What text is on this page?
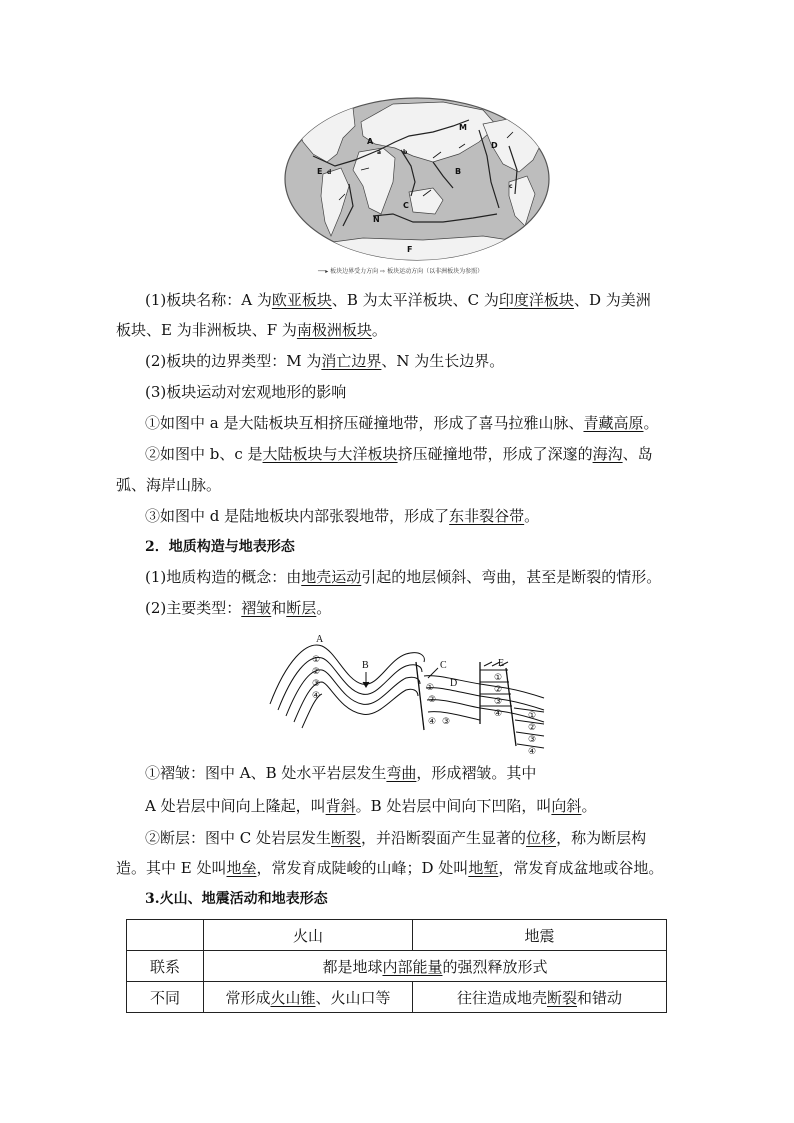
A
a	b
B
C
c
D
M
E d
N
F
──▸ 板块边界受力方向 ⇨ 板块运动方向（以非洲板块为参照）
(1)板块名称：A 为欧亚板块、B 为太平洋板块、C 为印度洋板块、D 为美洲
板块、E 为非洲板块、F 为南极洲板块。
(2)板块的边界类型：M 为消亡边界、N 为生长边界。
(3)板块运动对宏观地形的影响
①如图中 a 是大陆板块互相挤压碰撞地带，形成了喜马拉雅山脉、青藏高原。
②如图中 b、c 是大陆板块与大洋板块挤压碰撞地带，形成了深邃的海沟、岛
弧、海岸山脉。
③如图中 d 是陆地板块内部张裂地带，形成了东非裂谷带。
2．地质构造与地表形态
(1)地质构造的概念：由地壳运动引起的地层倾斜、弯曲，甚至是断裂的情形。
(2)主要类型：褶皱和断层。
A
B	C
D
E
①
②
③
④
①
②
④ ③
①
②
③
④	①
②
③
④
①褶皱：图中 A、B 处水平岩层发生弯曲，形成褶皱。其中
A 处岩层中间向上隆起，叫背斜。B 处岩层中间向下凹陷，叫向斜。
②断层：图中 C 处岩层发生断裂，并沿断裂面产生显著的位移，称为断层构
造。其中 E 处叫地垒，常发育成陡峻的山峰；D 处叫地堑，常发育成盆地或谷地。
3.火山、地震活动和地表形态
	火山	地震
联系	都是地球内部能量的强烈释放形式	
不同	常形成火山锥、火山口等	往往造成地壳断裂和错动
